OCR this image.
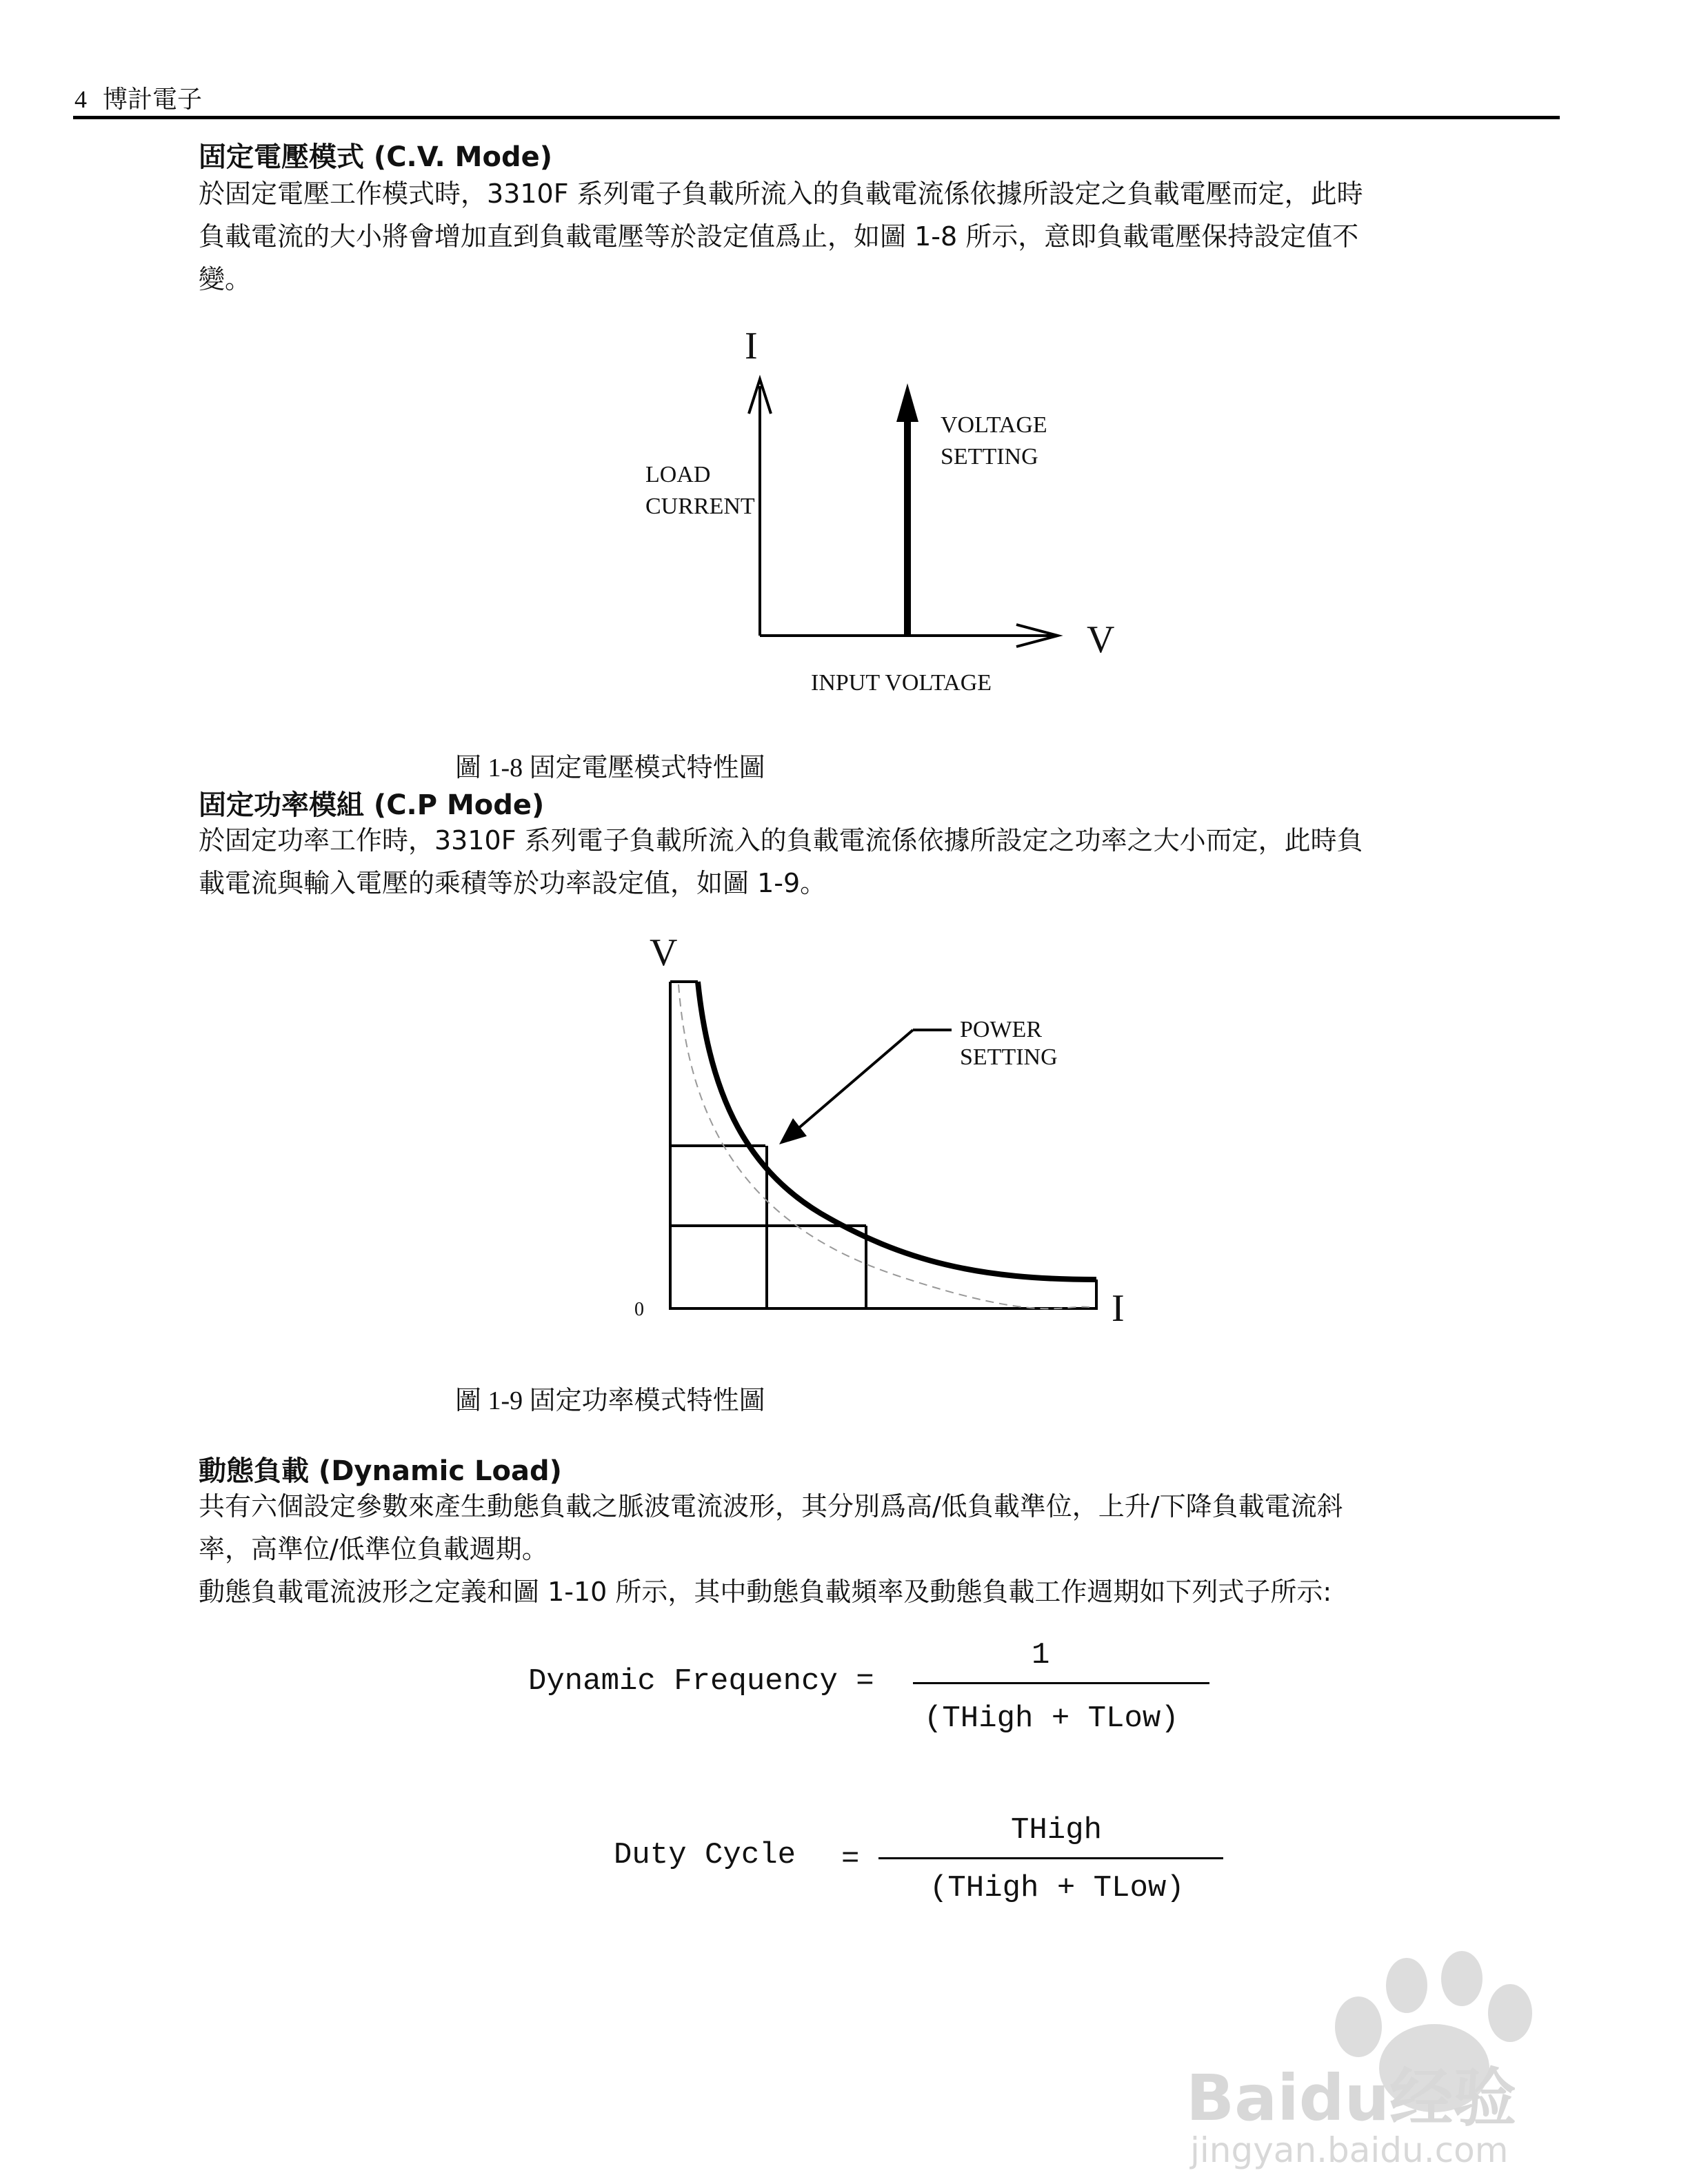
4 博計電子
固定電壓模式 (C.V. Mode)
於固定電壓工作模式時，3310F 系列電子負載所流入的負載電流係依據所設定之負載電壓而定，此時
負載電流的大小將會增加直到負載電壓等於設定值爲止，如圖 1-8 所示，意即負載電壓保持設定值不
變。
I
V
LOAD
CURRENT
VOLTAGE
SETTING
INPUT VOLTAGE
圖 1-8 固定電壓模式特性圖
固定功率模組 (C.P Mode)
於固定功率工作時，3310F 系列電子負載所流入的負載電流係依據所設定之功率之大小而定，此時負
載電流與輸入電壓的乘積等於功率設定值，如圖 1-9。
V
I
0
POWER
SETTING
圖 1-9 固定功率模式特性圖
動態負載 (Dynamic Load)
共有六個設定參數來產生動態負載之脈波電流波形，其分別爲高/低負載準位，上升/下降負載電流斜
率，高準位/低準位負載週期。
動態負載電流波形之定義和圖 1-10 所示，其中動態負載頻率及動態負載工作週期如下列式子所示:
Dynamic Frequency =
1
(THigh + TLow)
Duty Cycle =
THigh
(THigh + TLow)
Baidu经验
jingyan.baidu.com
